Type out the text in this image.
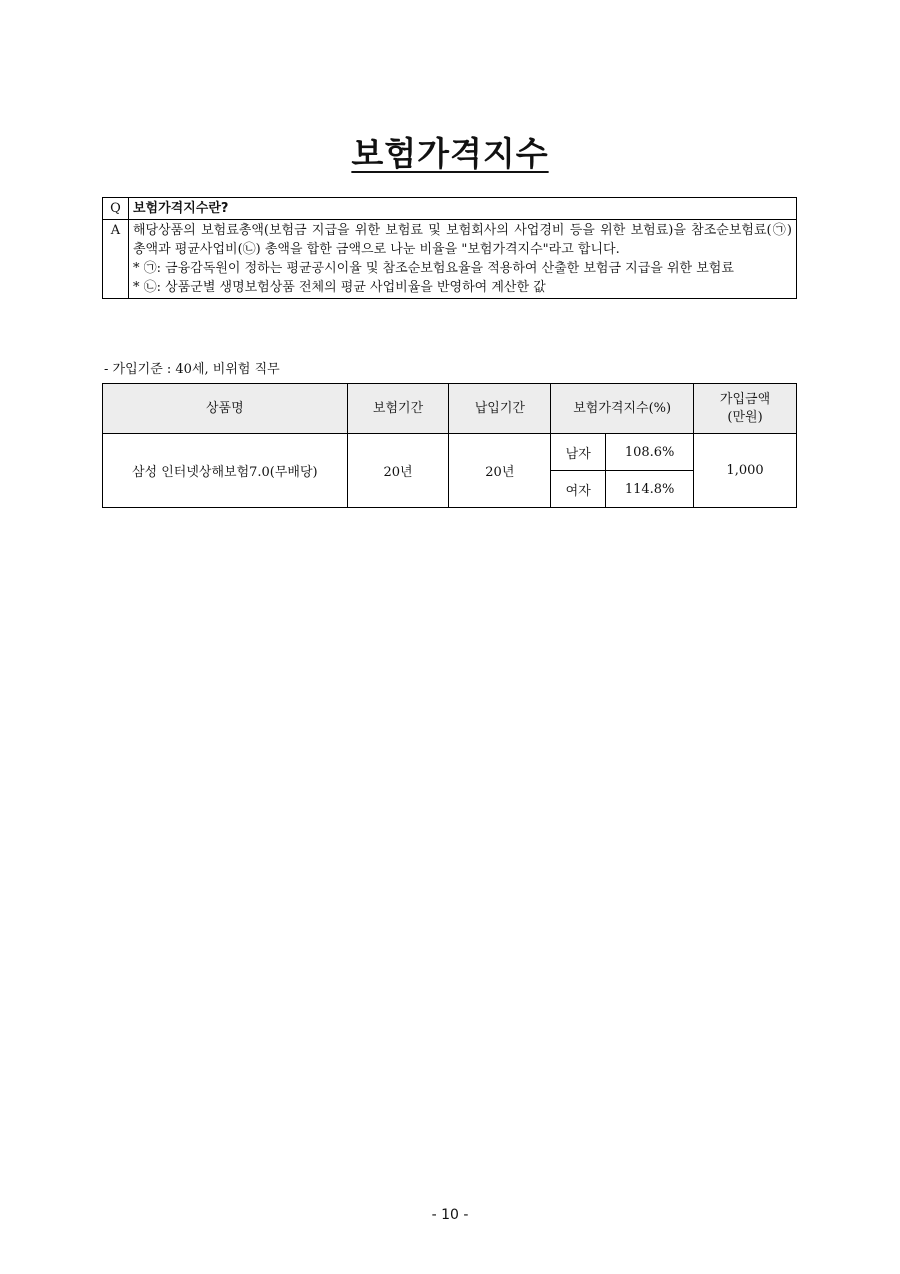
보험가격지수
Q	보험가격지수란?
A	해당상품의 보험료총액(보험금 지급을 위한 보험료 및 보험회사의 사업경비 등을 위한 보험료)을 참조순보험료(㉠) 총액과 평균사업비(㉡) 총액을 합한 금액으로 나눈 비율을 "보험가격지수"라고 합니다.
* ㉠: 금융감독원이 정하는 평균공시이율 및 참조순보험요율을 적용하여 산출한 보험금 지급을 위한 보험료
* ㉡: 상품군별 생명보험상품 전체의 평균 사업비율을 반영하여 계산한 값
- 가입기준 : 40세, 비위험 직무
상품명	보험기간	납입기간	보험가격지수(%)		가입금액
(만원)

삼성 인터넷상해보험7.0(무배당)	20년	20년	남자	108.6%	1,000
			여자	114.8%	
- 10 -
